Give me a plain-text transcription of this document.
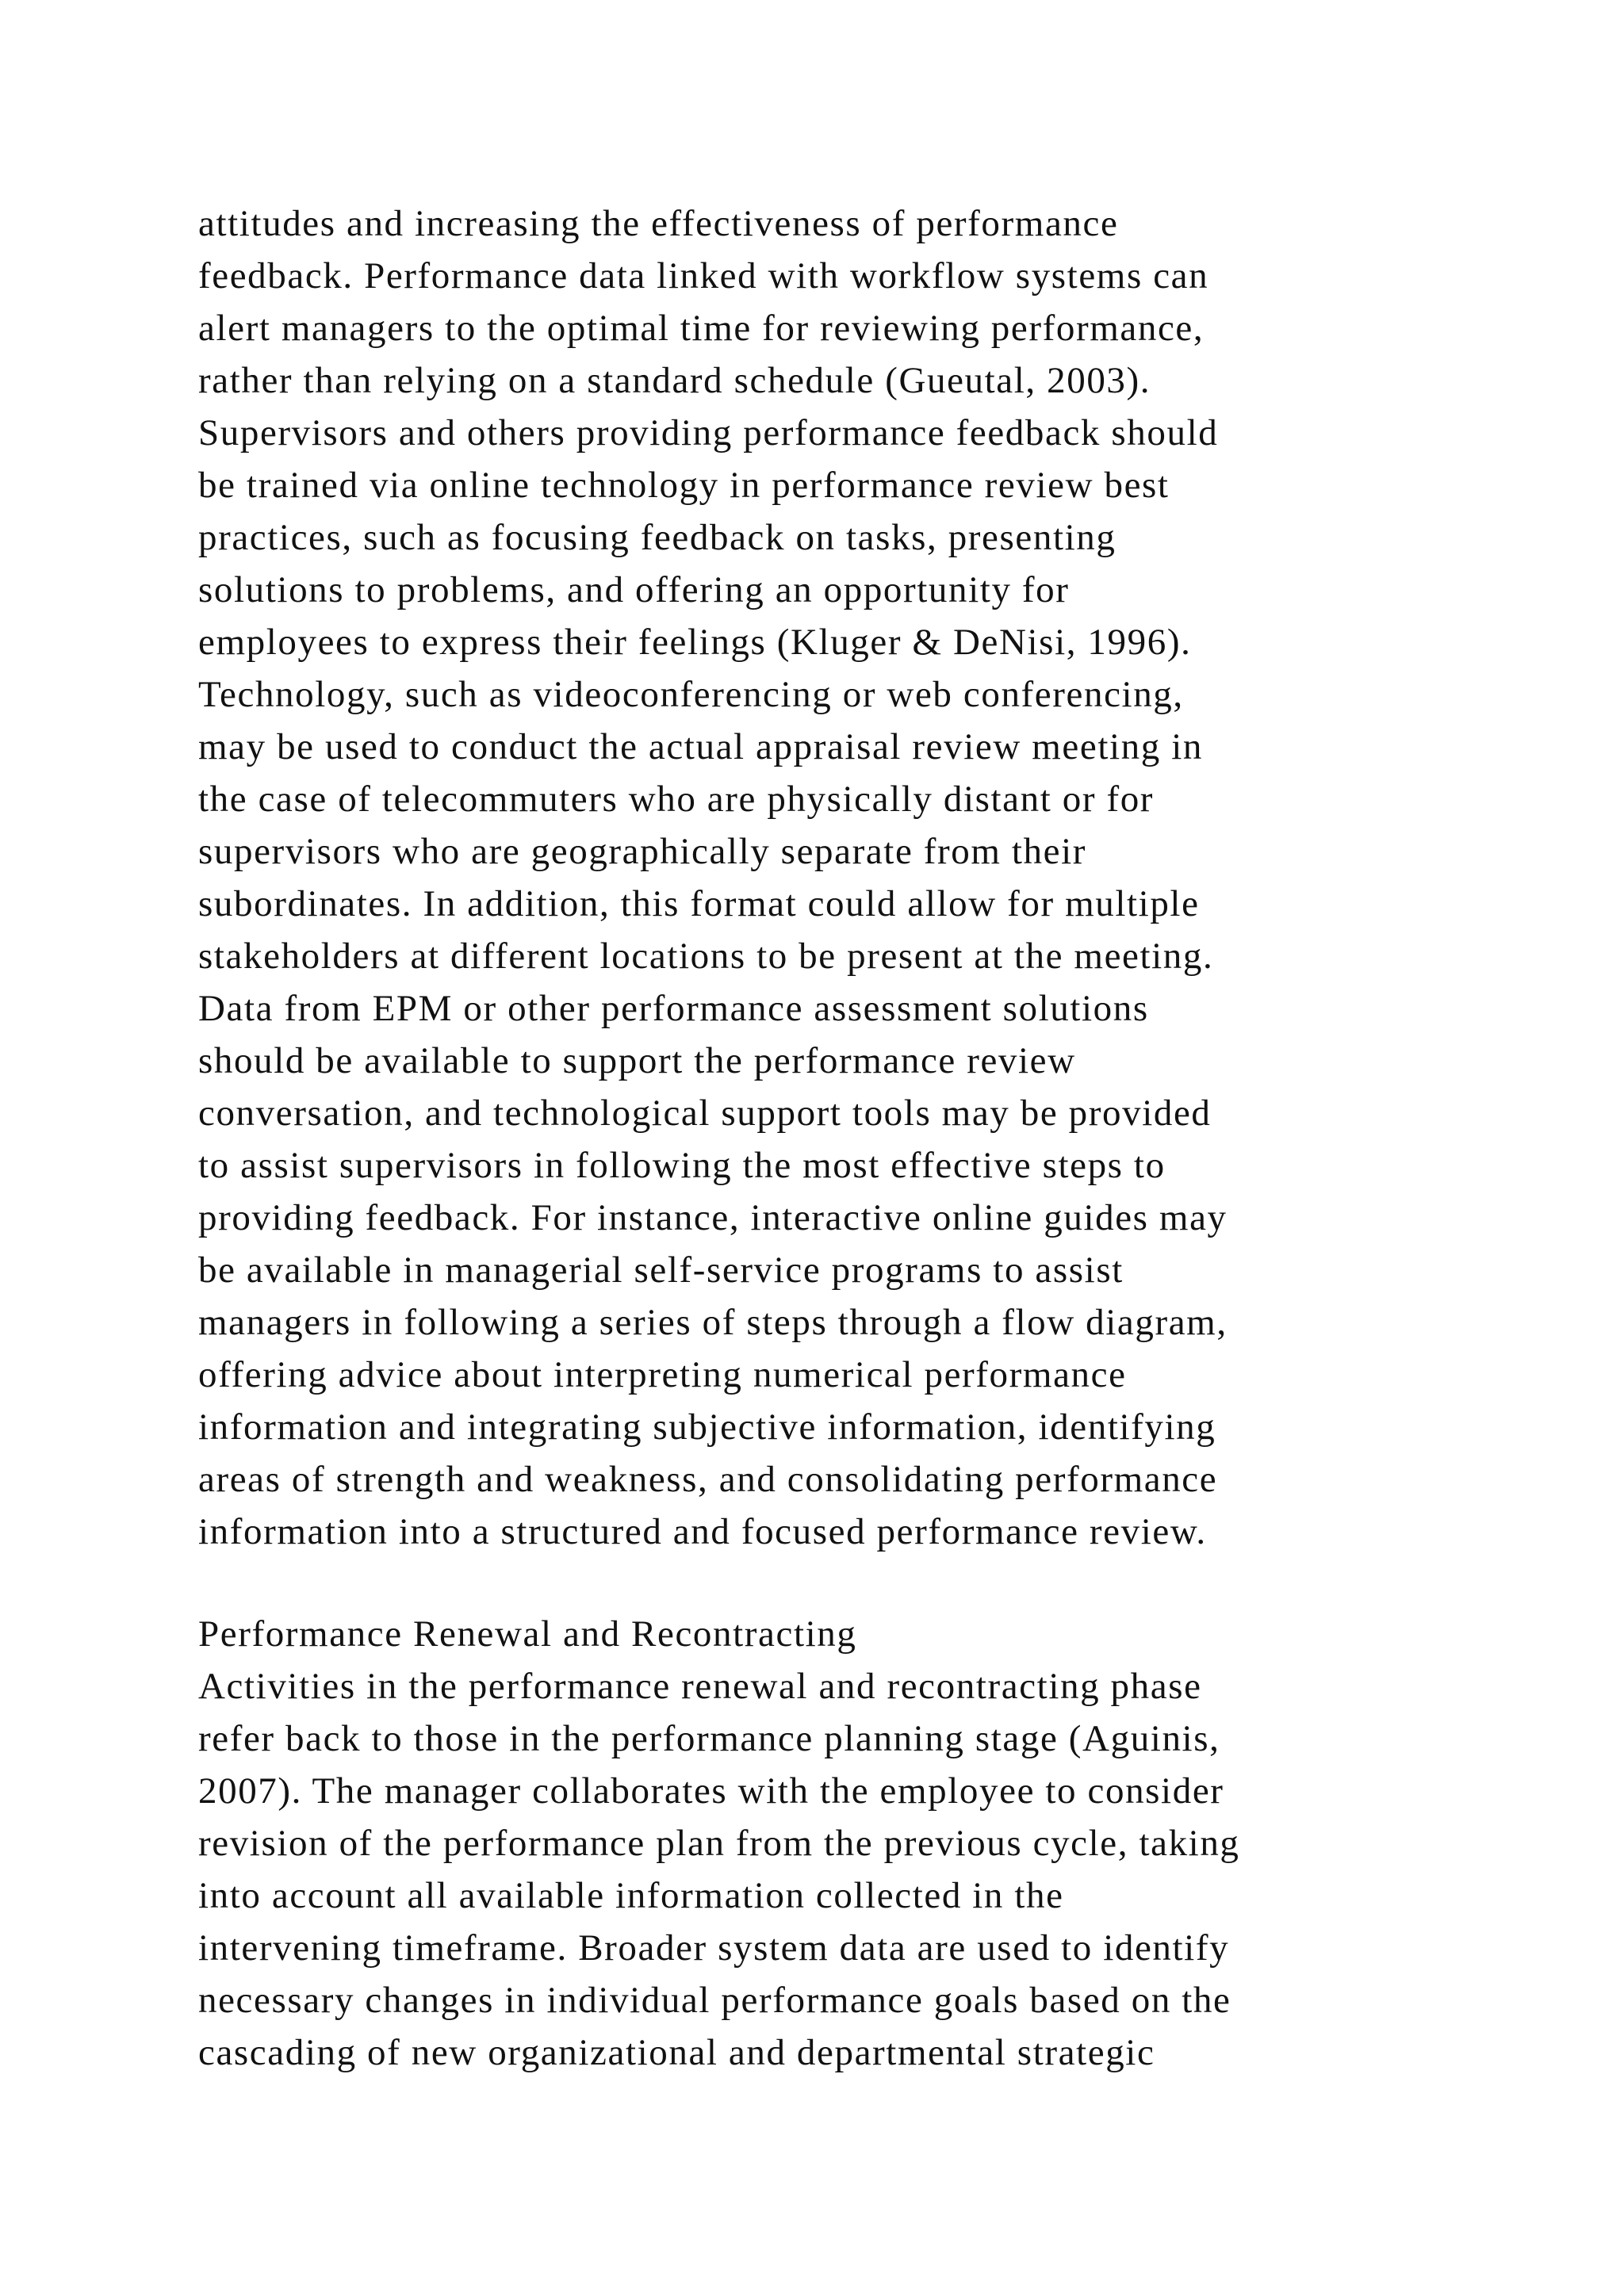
attitudes and increasing the effectiveness of performance
feedback. Performance data linked with workflow systems can
alert managers to the optimal time for reviewing performance,
rather than relying on a standard schedule (Gueutal, 2003).
Supervisors and others providing performance feedback should
be trained via online technology in performance review best
practices, such as focusing feedback on tasks, presenting
solutions to problems, and offering an opportunity for
employees to express their feelings (Kluger & DeNisi, 1996).
Technology, such as videoconferencing or web conferencing,
may be used to conduct the actual appraisal review meeting in
the case of telecommuters who are physically distant or for
supervisors who are geographically separate from their
subordinates. In addition, this format could allow for multiple
stakeholders at different locations to be present at the meeting.
Data from EPM or other performance assessment solutions
should be available to support the performance review
conversation, and technological support tools may be provided
to assist supervisors in following the most effective steps to
providing feedback. For instance, interactive online guides may
be available in managerial self-service programs to assist
managers in following a series of steps through a flow diagram,
offering advice about interpreting numerical performance
information and integrating subjective information, identifying
areas of strength and weakness, and consolidating performance
information into a structured and focused performance review.
Performance Renewal and Recontracting
Activities in the performance renewal and recontracting phase
refer back to those in the performance planning stage (Aguinis,
2007). The manager collaborates with the employee to consider
revision of the performance plan from the previous cycle, taking
into account all available information collected in the
intervening timeframe. Broader system data are used to identify
necessary changes in individual performance goals based on the
cascading of new organizational and departmental strategic
